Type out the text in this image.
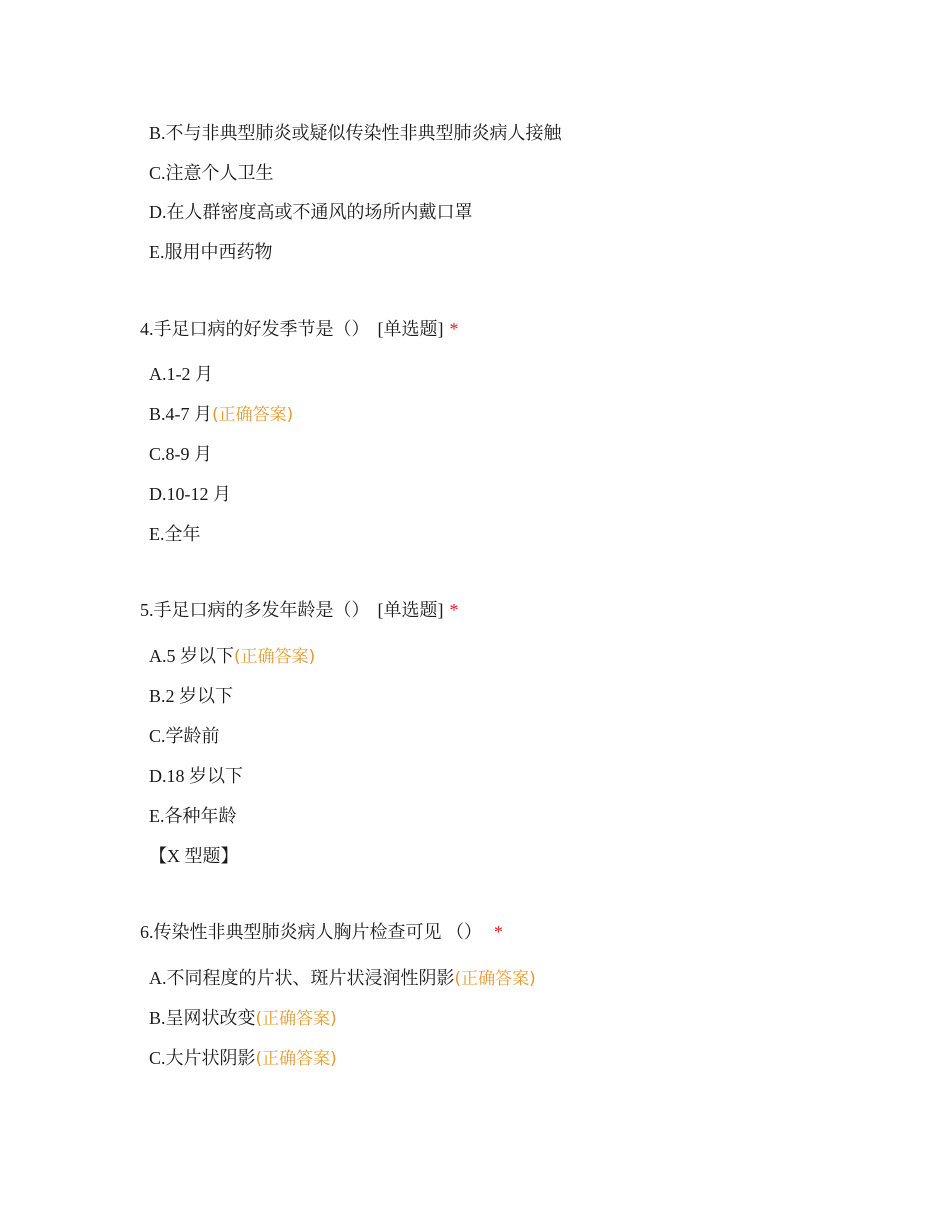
B.不与非典型肺炎或疑似传染性非典型肺炎病人接触
C.注意个人卫生
D.在人群密度高或不通风的场所内戴口罩
E.服用中西药物
4.手足口病的好发季节是（） [单选题] *
A.1-2 月
B.4-7 月(正确答案)
C.8-9 月
D.10-12 月
E.全年
5.手足口病的多发年龄是（） [单选题] *
A.5 岁以下(正确答案)
B.2 岁以下
C.学龄前
D.18 岁以下
E.各种年龄
【X 型题】
6.传染性非典型肺炎病人胸片检查可见 （） *
A.不同程度的片状、斑片状浸润性阴影(正确答案)
B.呈网状改变(正确答案)
C.大片状阴影(正确答案)
